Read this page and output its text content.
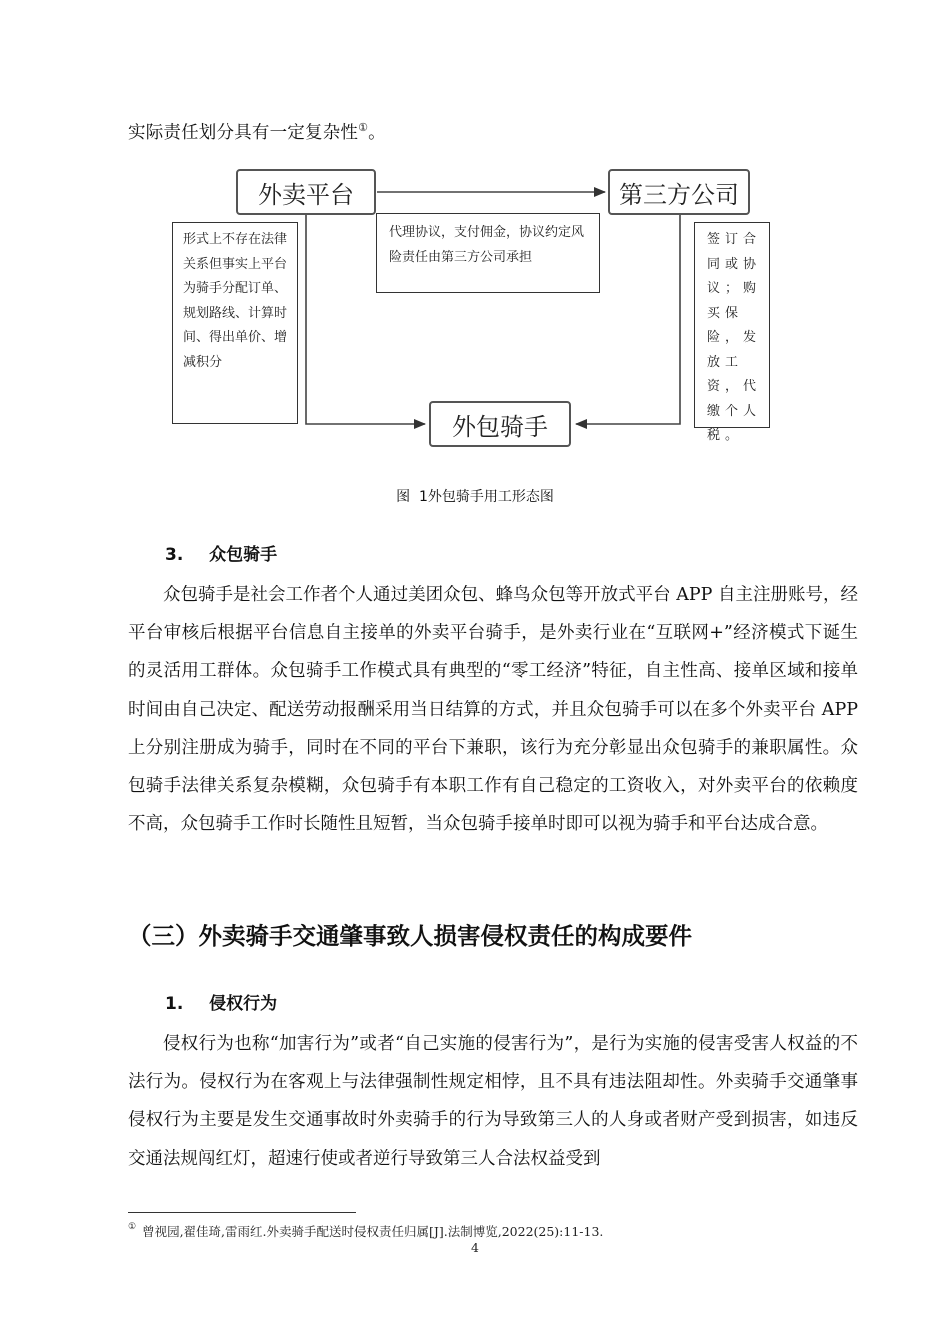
实际责任划分具有一定复杂性①。
外卖平台	第三方公司
外包骑手
形式上不存在法律关系但事实上平台为骑手分配订单、规划路线、计算时间、得出单价、增减积分
代理协议，支付佣金，协议约定风险责任由第三方公司承担
签订合同或协议；购买保险，发放工资，代缴个人税。
图  1外包骑手用工形态图
3. 众包骑手
众包骑手是社会工作者个人通过美团众包、蜂鸟众包等开放式平台 APP 自主注册账号，经平台审核后根据平台信息自主接单的外卖平台骑手，是外卖行业在“互联网+”经济模式下诞生的灵活用工群体。众包骑手工作模式具有典型的“零工经济”特征，自主性高、接单区域和接单时间由自己决定、配送劳动报酬采用当日结算的方式，并且众包骑手可以在多个外卖平台 APP 上分别注册成为骑手，同时在不同的平台下兼职，该行为充分彰显出众包骑手的兼职属性。众包骑手法律关系复杂模糊，众包骑手有本职工作有自己稳定的工资收入，对外卖平台的依赖度不高，众包骑手工作时长随性且短暂，当众包骑手接单时即可以视为骑手和平台达成合意。
（三）外卖骑手交通肇事致人损害侵权责任的构成要件
1. 侵权行为
侵权行为也称“加害行为”或者“自己实施的侵害行为”，是行为实施的侵害受害人权益的不法行为。侵权行为在客观上与法律强制性规定相悖，且不具有违法阻却性。外卖骑手交通肇事侵权行为主要是发生交通事故时外卖骑手的行为导致第三人的人身或者财产受到损害，如违反交通法规闯红灯，超速行使或者逆行导致第三人合法权益受到
① 曾视园,翟佳琦,雷雨红.外卖骑手配送时侵权责任归属[J].法制博览,2022(25):11-13.
4
